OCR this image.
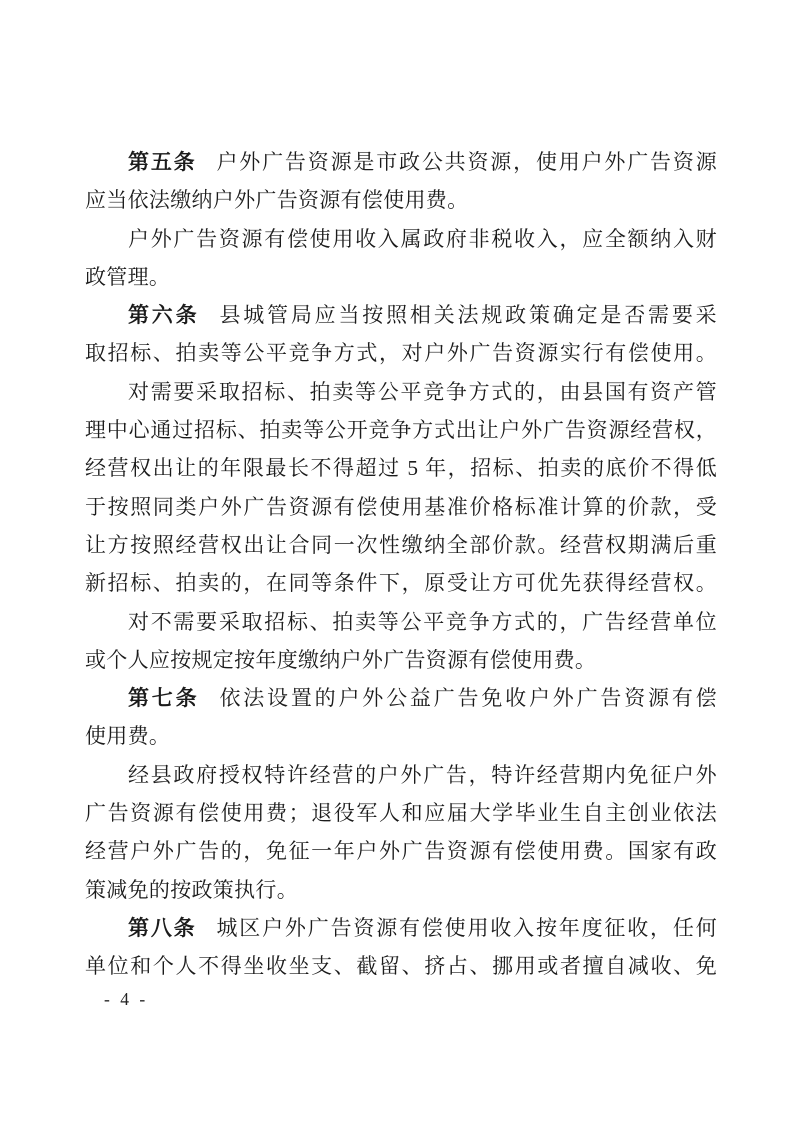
第五条 户外广告资源是市政公共资源，使用户外广告资源
应当依法缴纳户外广告资源有偿使用费。
户外广告资源有偿使用收入属政府非税收入，应全额纳入财
政管理。
第六条 县城管局应当按照相关法规政策确定是否需要采
取招标、拍卖等公平竞争方式，对户外广告资源实行有偿使用。
对需要采取招标、拍卖等公平竞争方式的，由县国有资产管
理中心通过招标、拍卖等公开竞争方式出让户外广告资源经营权，
经营权出让的年限最长不得超过 5 年，招标、拍卖的底价不得低
于按照同类户外广告资源有偿使用基准价格标准计算的价款，受
让方按照经营权出让合同一次性缴纳全部价款。经营权期满后重
新招标、拍卖的，在同等条件下，原受让方可优先获得经营权。
对不需要采取招标、拍卖等公平竞争方式的，广告经营单位
或个人应按规定按年度缴纳户外广告资源有偿使用费。
第七条 依法设置的户外公益广告免收户外广告资源有偿
使用费。
经县政府授权特许经营的户外广告，特许经营期内免征户外
广告资源有偿使用费；退役军人和应届大学毕业生自主创业依法
经营户外广告的，免征一年户外广告资源有偿使用费。国家有政
策减免的按政策执行。
第八条 城区户外广告资源有偿使用收入按年度征收，任何
单位和个人不得坐收坐支、截留、挤占、挪用或者擅自减收、免
- 4 -
